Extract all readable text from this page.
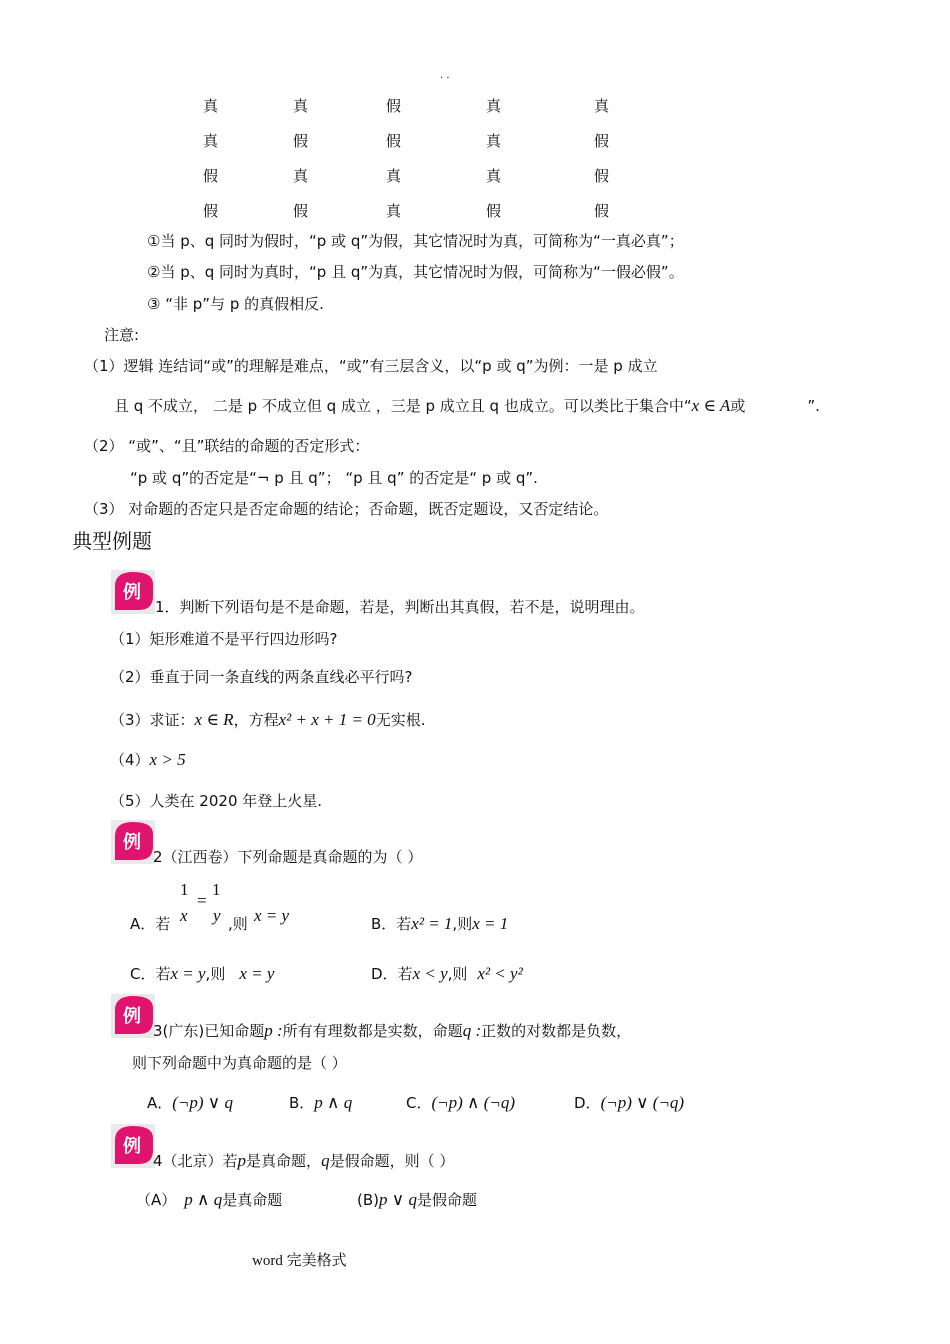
. .
真	真	假	真	真
真	假	假	真	假
假	真	真	真	假
假	假	真	假	假
①当 p、q 同时为假时，“p 或 q”为假，其它情况时为真，可简称为“一真必真”；
②当 p、q 同时为真时，“p 且 q”为真，其它情况时为假，可简称为“一假必假”。
③ “非 p”与 p 的真假相反.
注意:
（1）逻辑 连结词“或”的理解是难点，“或”有三层含义，以“p 或 q”为例：一是 p 成立
且 q 不成立， 二是 p 不成立但 q 成立 ，三是 p 成立且 q 也成立。可以类比于集合中“x ∈ A或	”.
（2） “或”、“且”联结的命题的否定形式：
“p 或 q”的否定是“¬ p 且 q”； “p 且 q” 的否定是“ p 或 q”.
（3） 对命题的否定只是否定命题的结论；否命题，既否定题设，又否定结论。
典型例题
例
1．判断下列语句是不是命题，若是，判断出其真假，若不是，说明理由。
（1）矩形难道不是平行四边形吗?
（2）垂直于同一条直线的两条直线必平行吗?
（3）求证：x ∈ R，方程x² + x + 1 = 0无实根.
（4）x > 5
（5）人类在 2020 年登上火星.
例
2（江西卷）下列命题是真命题的为（ ）
1 1
=
x y
A．若	,则 x = y	B．若x² = 1,则x = 1
C．若x = y,则 x = y	D．若x < y,则 x² < y²
例
3(广东)已知命题p :所有有理数都是实数，命题q :正数的对数都是负数，
则下列命题中为真命题的是（ ）
A．(¬p) ∨ q	B．p ∧ q	C．(¬p) ∧ (¬q)	D．(¬p) ∨ (¬q)
例
4（北京）若p是真命题，q是假命题，则（ ）
（A） p ∧ q是真命题	(B)p ∨ q是假命题
word 完美格式
